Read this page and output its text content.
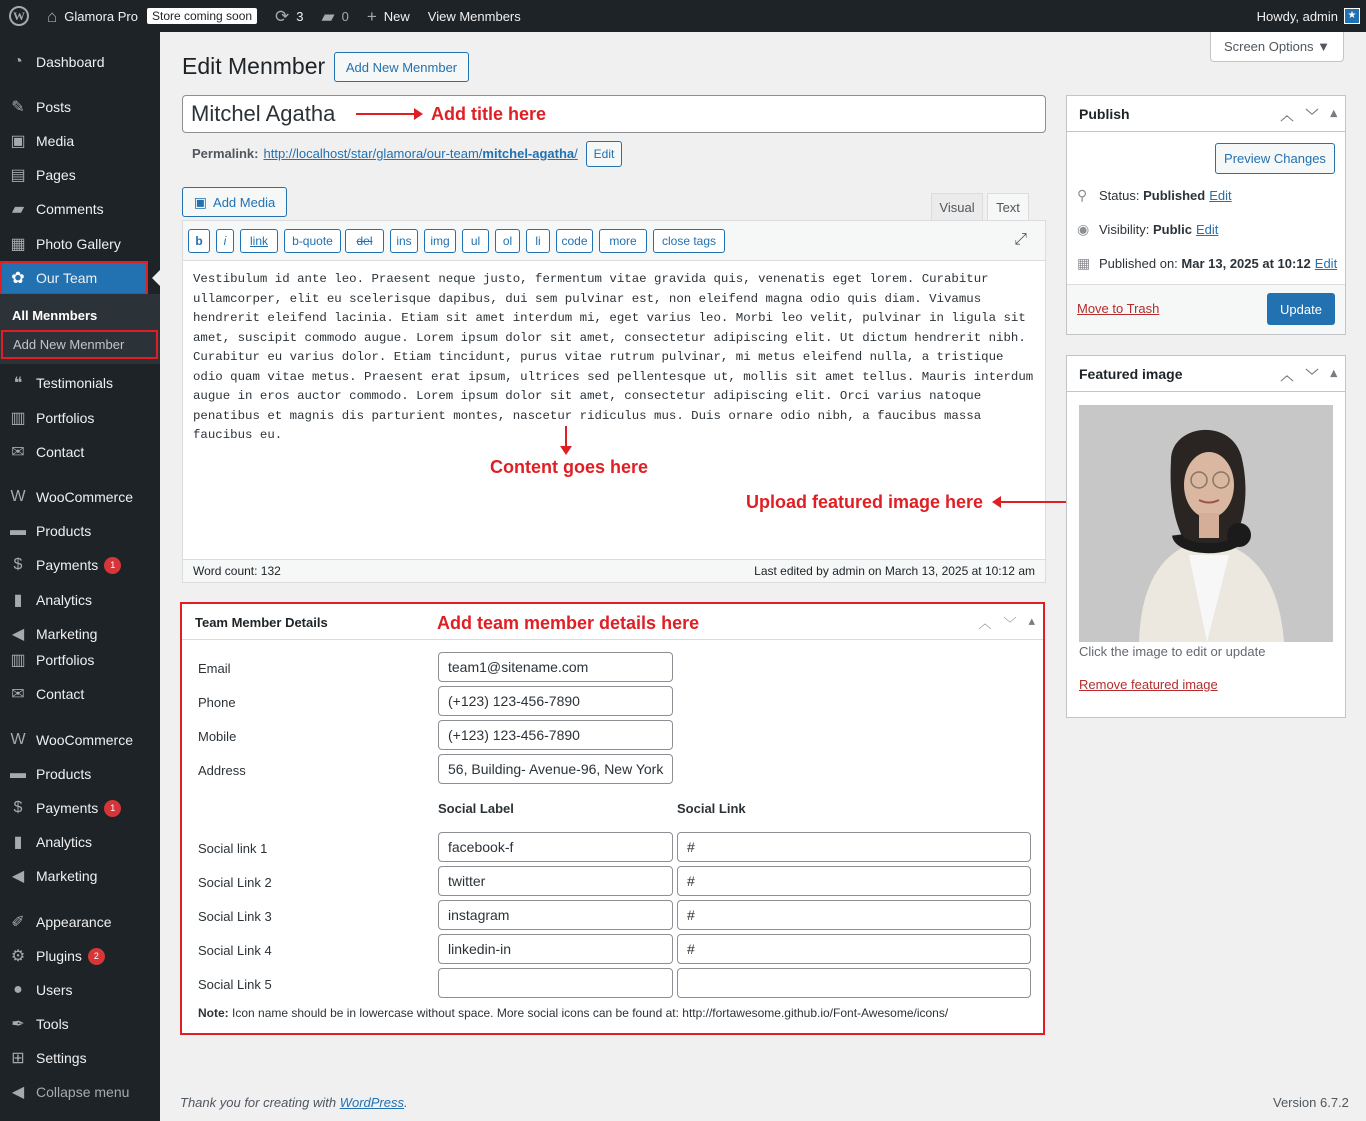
W ⌂ Glamora Pro	Store coming soon ⟳ 3 ▰ 0 + New	View Menmbers	Howdy, admin ★
◔ Dashboard
✎ Posts
▣ Media
▤ Pages
▰ Comments
▦ Photo Gallery
✿ Our Team
❝ Testimonials
▥ Portfolios
✉ Contact
W WooCommerce
▬ Products
$ Payments	1
▮ Analytics
◀ Marketing
▥ Portfolios
✉ Contact
W WooCommerce
▬ Products
$ Payments	1
▮ Analytics
◀ Marketing
✐ Appearance
⚙ Plugins	2
● Users
✒ Tools
⊞ Settings
◀ Collapse menu
All Menmbers
Add New Menmber
Edit Menmber	Add New Menmber
Screen Options ▼
Mitchel Agatha	Add title here
Permalink: http://localhost/star/glamora/our-team/mitchel-agatha/	Edit
▣ Add Media	Visual	Text
b	i	link	b-quote	del	ins	img	ul	ol	li	code	more	close tags	⤢
Vestibulum id ante leo. Praesent neque justo, fermentum vitae gravida quis, venenatis eget lorem. Curabitur ullamcorper, elit eu scelerisque dapibus, dui sem pulvinar est, non eleifend magna odio quis diam. Vivamus hendrerit eleifend lacinia. Etiam sit amet interdum mi, eget varius leo. Morbi leo velit, pulvinar in ligula sit amet, suscipit commodo augue. Lorem ipsum dolor sit amet, consectetur adipiscing elit. Ut dictum hendrerit nibh. Curabitur eu varius dolor. Etiam tincidunt, purus vitae rutrum pulvinar, mi metus eleifend nulla, a tristique odio quam vitae metus. Praesent erat ipsum, ultrices sed pellentesque ut, mollis sit amet tellus. Mauris interdum augue in eros auctor commodo. Lorem ipsum dolor sit amet, consectetur adipiscing elit. Orci varius natoque penatibus et magnis dis parturient montes, nascetur ridiculus mus. Duis ornare odio nibh, a faucibus massa faucibus eu.
Word count: 132	Last edited by admin on March 13, 2025 at 10:12 am
Content goes here
Upload featured image here
Publish	︿ ﹀ ▴
Preview Changes
⚲ Status:
Published Edit
◉ Visibility:
Public Edit
▦ Published on:
Mar 13, 2025 at 10:12 Edit
Move to Trash	Update
Featured image	︿ ﹀ ▴
Click the image to edit or update
Remove featured image
Team Member Details	Add team member details here	︿ ﹀ ▴
Email	team1@sitename.com
Phone	(+123) 123-456-7890
Mobile	(+123) 123-456-7890
Address	56, Building- Avenue-96, New York
Social Label	Social Link
Social link 1	facebook-f	#
Social Link 2	twitter	#
Social Link 3	instagram	#
Social Link 4	linkedin-in	#
Social Link 5
Note: Icon name should be in lowercase without space. More social icons can be found at: http://fortawesome.github.io/Font-Awesome/icons/
Thank you for creating with WordPress.	Version 6.7.2
